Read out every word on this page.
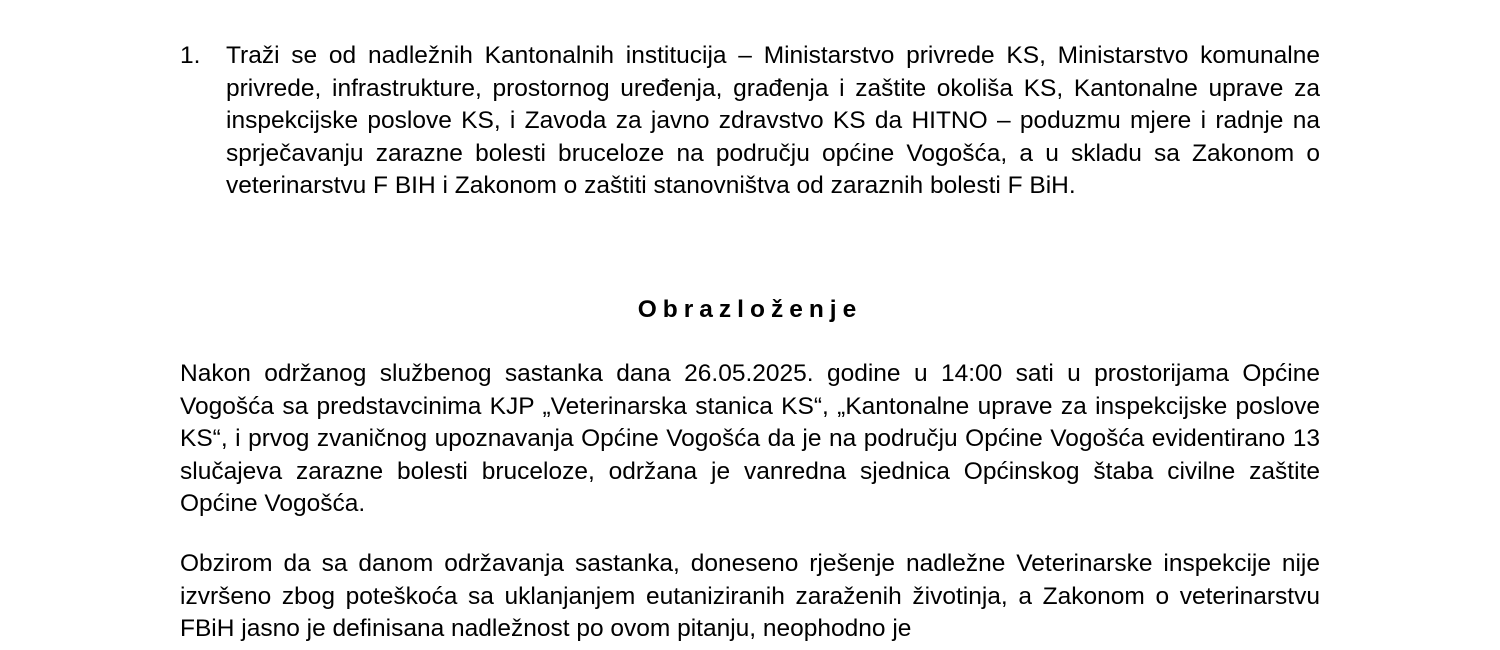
1. Traži se od nadležnih Kantonalnih institucija – Ministarstvo privrede KS, Ministarstvo komunalne privrede, infrastrukture, prostornog uređenja, građenja i zaštite okoliša KS, Kantonalne uprave za inspekcijske poslove KS, i Zavoda za javno zdravstvo KS da HITNO – poduzmu mjere i radnje na sprječavanju zarazne bolesti bruceloze na području općine Vogošća, a u skladu sa Zakonom o veterinarstvu F BIH i Zakonom o zaštiti stanovništva od zaraznih bolesti F BiH.
Obrazloženje
Nakon održanog službenog sastanka dana 26.05.2025. godine u 14:00 sati u prostorijama Općine Vogošća sa predstavcinima KJP „Veterinarska stanica KS“, „Kantonalne uprave za inspekcijske poslove KS“, i prvog zvaničnog upoznavanja Općine Vogošća da je na području Općine Vogošća evidentirano 13 slučajeva zarazne bolesti bruceloze, održana je vanredna sjednica Općinskog štaba civilne zaštite Općine Vogošća.
Obzirom da sa danom održavanja sastanka, doneseno rješenje nadležne Veterinarske inspekcije nije izvršeno zbog poteškoća sa uklanjanjem eutaniziranih zaraženih životinja, a Zakonom o veterinarstvu FBiH jasno je definisana nadležnost po ovom pitanju, neophodno je
